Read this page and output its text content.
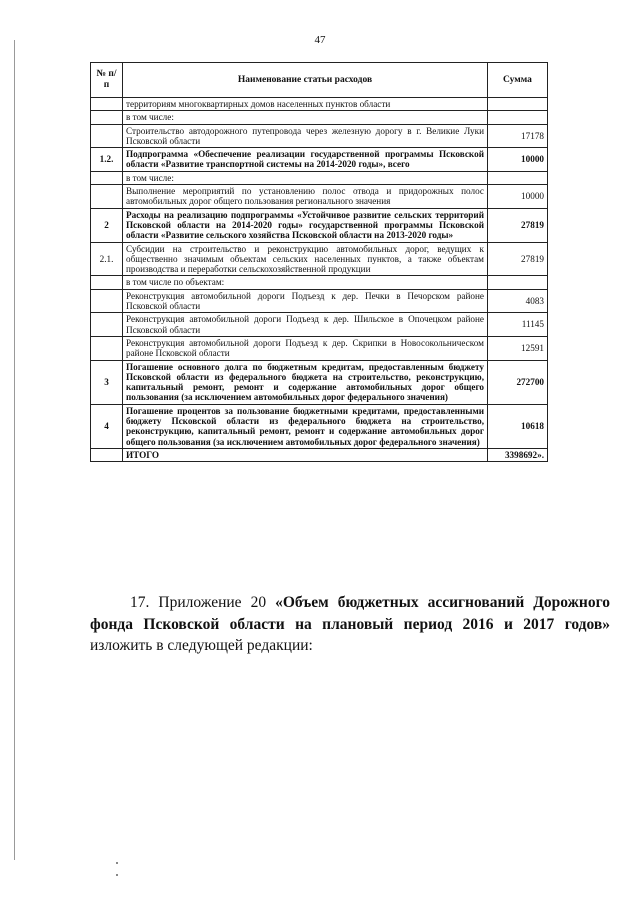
47
№ п/п	Наименование статьи расходов	Сумма
	территориям многоквартирных домов населенных пунктов области	
	в том числе:	
	Строительство автодорожного путепровода через железную дорогу в г. Великие Луки Псковской области	17178
1.2.	Подпрограмма «Обеспечение реализации государственной программы Псковской области «Развитие транспортной системы на 2014-2020 годы», всего	10000
	в том числе:	
	Выполнение мероприятий по установлению полос отвода и придорожных полос автомобильных дорог общего пользования регионального значения	10000
2	Расходы на реализацию подпрограммы «Устойчивое развитие сельских территорий Псковской области на 2014-2020 годы» государственной программы Псковской области «Развитие сельского хозяйства Псковской области на 2013-2020 годы»	27819
2.1.	Субсидии на строительство и реконструкцию автомобильных дорог, ведущих к общественно значимым объектам сельских населенных пунктов, а также объектам производства и переработки сельскохозяйственной продукции	27819
	в том числе по объектам:	
	Реконструкция автомобильной дороги Подъезд к дер. Печки в Печорском районе Псковской области	4083
	Реконструкция автомобильной дороги Подъезд к дер. Шильское в Опочецком районе Псковской области	11145
	Реконструкция автомобильной дороги Подъезд к дер. Скрипки в Новосокольническом районе Псковской области	12591
3	Погашение основного долга по бюджетным кредитам, предоставленным бюджету Псковской области из федерального бюджета на строительство, реконструкцию, капитальный ремонт, ремонт и содержание автомобильных дорог общего пользования (за исключением автомобильных дорог федерального значения)	272700
4	Погашение процентов за пользование бюджетными кредитами, предоставленными бюджету Псковской области из федерального бюджета на строительство, реконструкцию, капитальный ремонт, ремонт и содержание автомобильных дорог общего пользования (за исключением автомобильных дорог федерального значения)	10618
	ИТОГО	3398692».
17. Приложение 20 «Объем бюджетных ассигнований Дорожного фонда Псковской области на плановый период 2016 и 2017 годов» изложить в следующей редакции:
